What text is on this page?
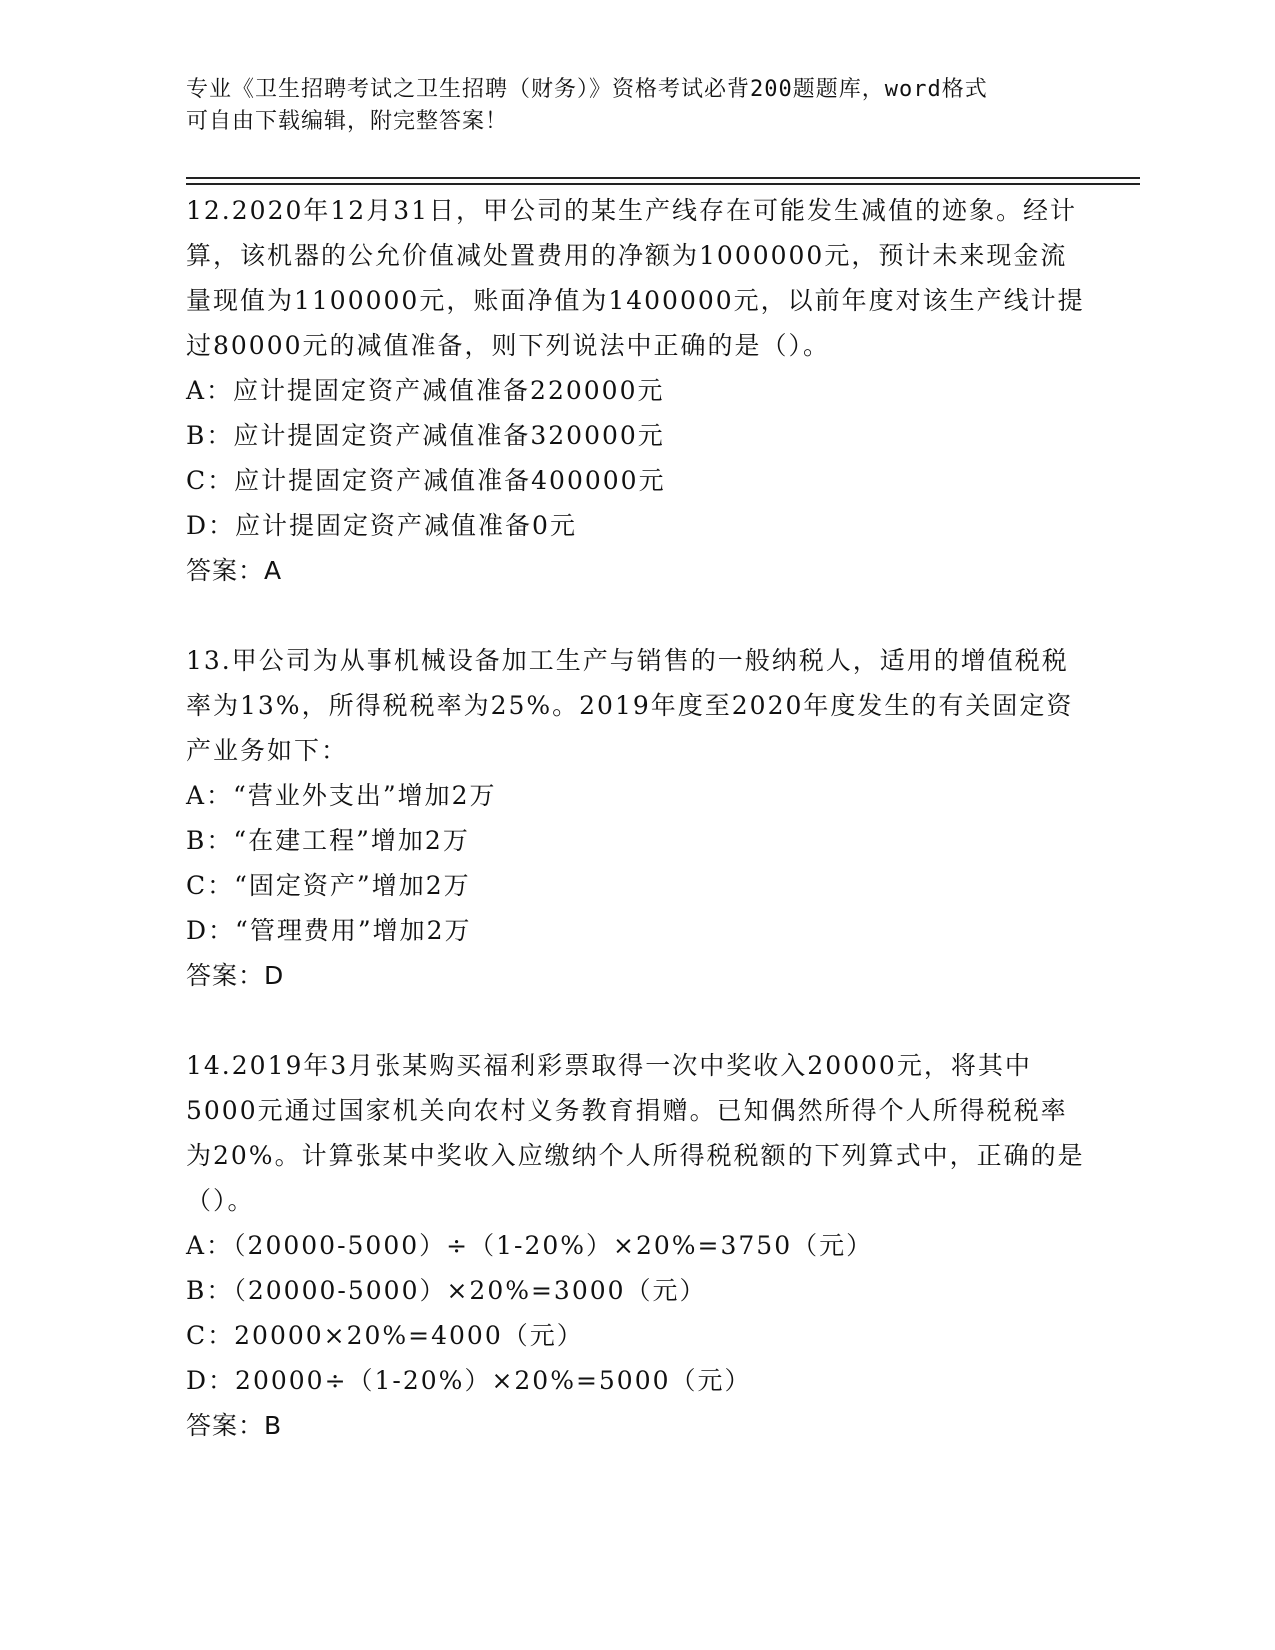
专业《卫生招聘考试之卫生招聘（财务）》资格考试必背200题题库，word格式
可自由下载编辑，附完整答案！
12.2020年12月31日，甲公司的某生产线存在可能发生减值的迹象。经计算，该机器的公允价值减处置费用的净额为1000000元，预计未来现金流量现值为1100000元，账面净值为1400000元，以前年度对该生产线计提过80000元的减值准备，则下列说法中正确的是（）。
A：应计提固定资产减值准备220000元
B：应计提固定资产减值准备320000元
C：应计提固定资产减值准备400000元
D：应计提固定资产减值准备0元
答案：A
13.甲公司为从事机械设备加工生产与销售的一般纳税人，适用的增值税税率为13%，所得税税率为25%。2019年度至2020年度发生的有关固定资产业务如下：
A：“营业外支出”增加2万
B：“在建工程”增加2万
C：“固定资产”增加2万
D：“管理费用”增加2万
答案：D
14.2019年3月张某购买福利彩票取得一次中奖收入20000元，将其中5000元通过国家机关向农村义务教育捐赠。已知偶然所得个人所得税税率为20%。计算张某中奖收入应缴纳个人所得税税额的下列算式中，正确的是（）。
A：（20000-5000）÷（1-20%）×20%=3750（元）
B：（20000-5000）×20%=3000（元）
C：20000×20%=4000（元）
D：20000÷（1-20%）×20%=5000（元）
答案：B
